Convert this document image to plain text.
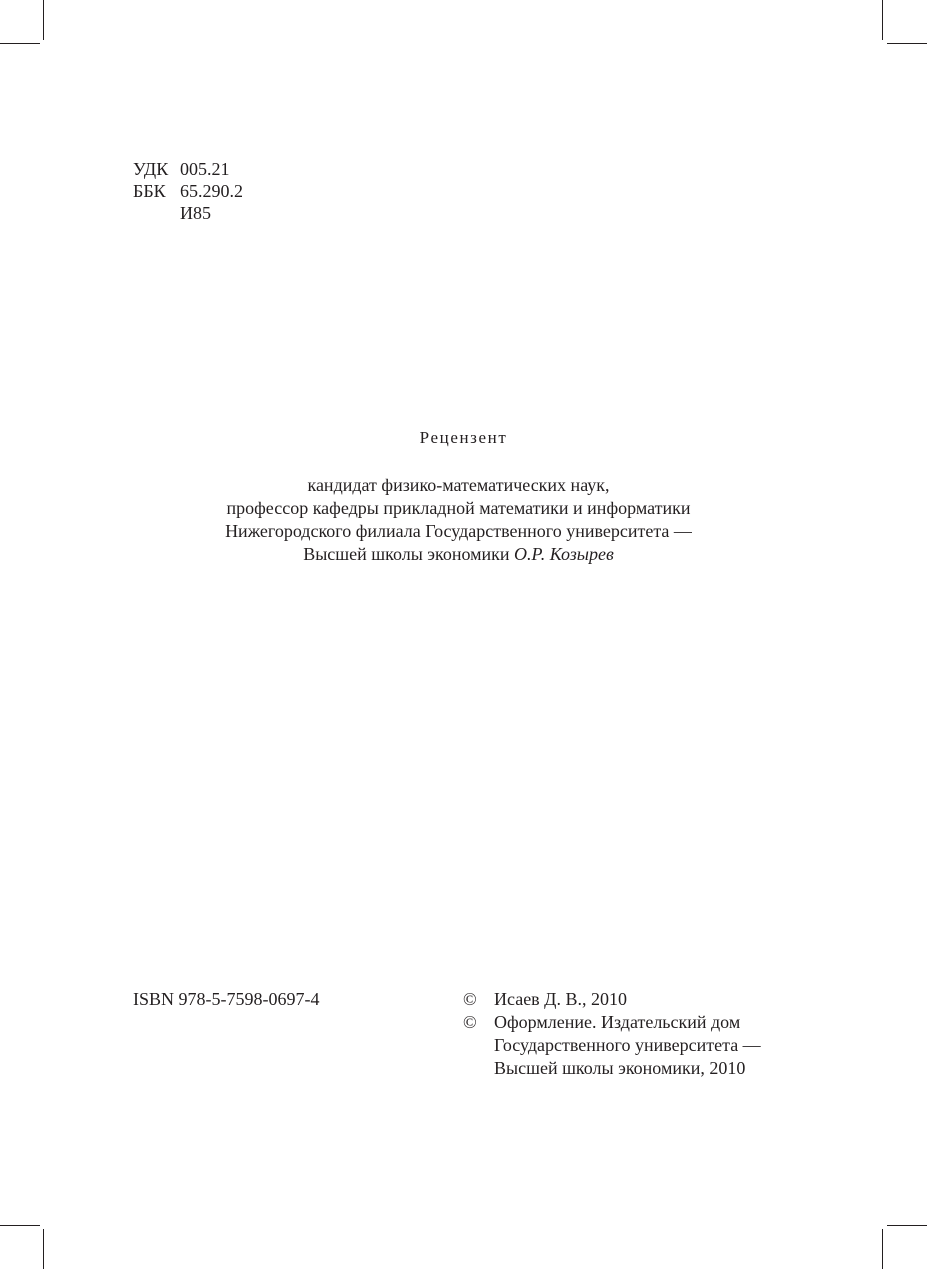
УДК 005.21
ББК 65.290.2
И85
Рецензент
кандидат физико-математических наук,
профессор кафедры прикладной математики и информатики
Нижегородского филиала Государственного университета —
Высшей школы экономики О.Р. Козырев
ISBN 978-5-7598-0697-4	© Исаев Д. В., 2010
© Оформление. Издательский дом
Государственного университета —
Высшей школы экономики, 2010
